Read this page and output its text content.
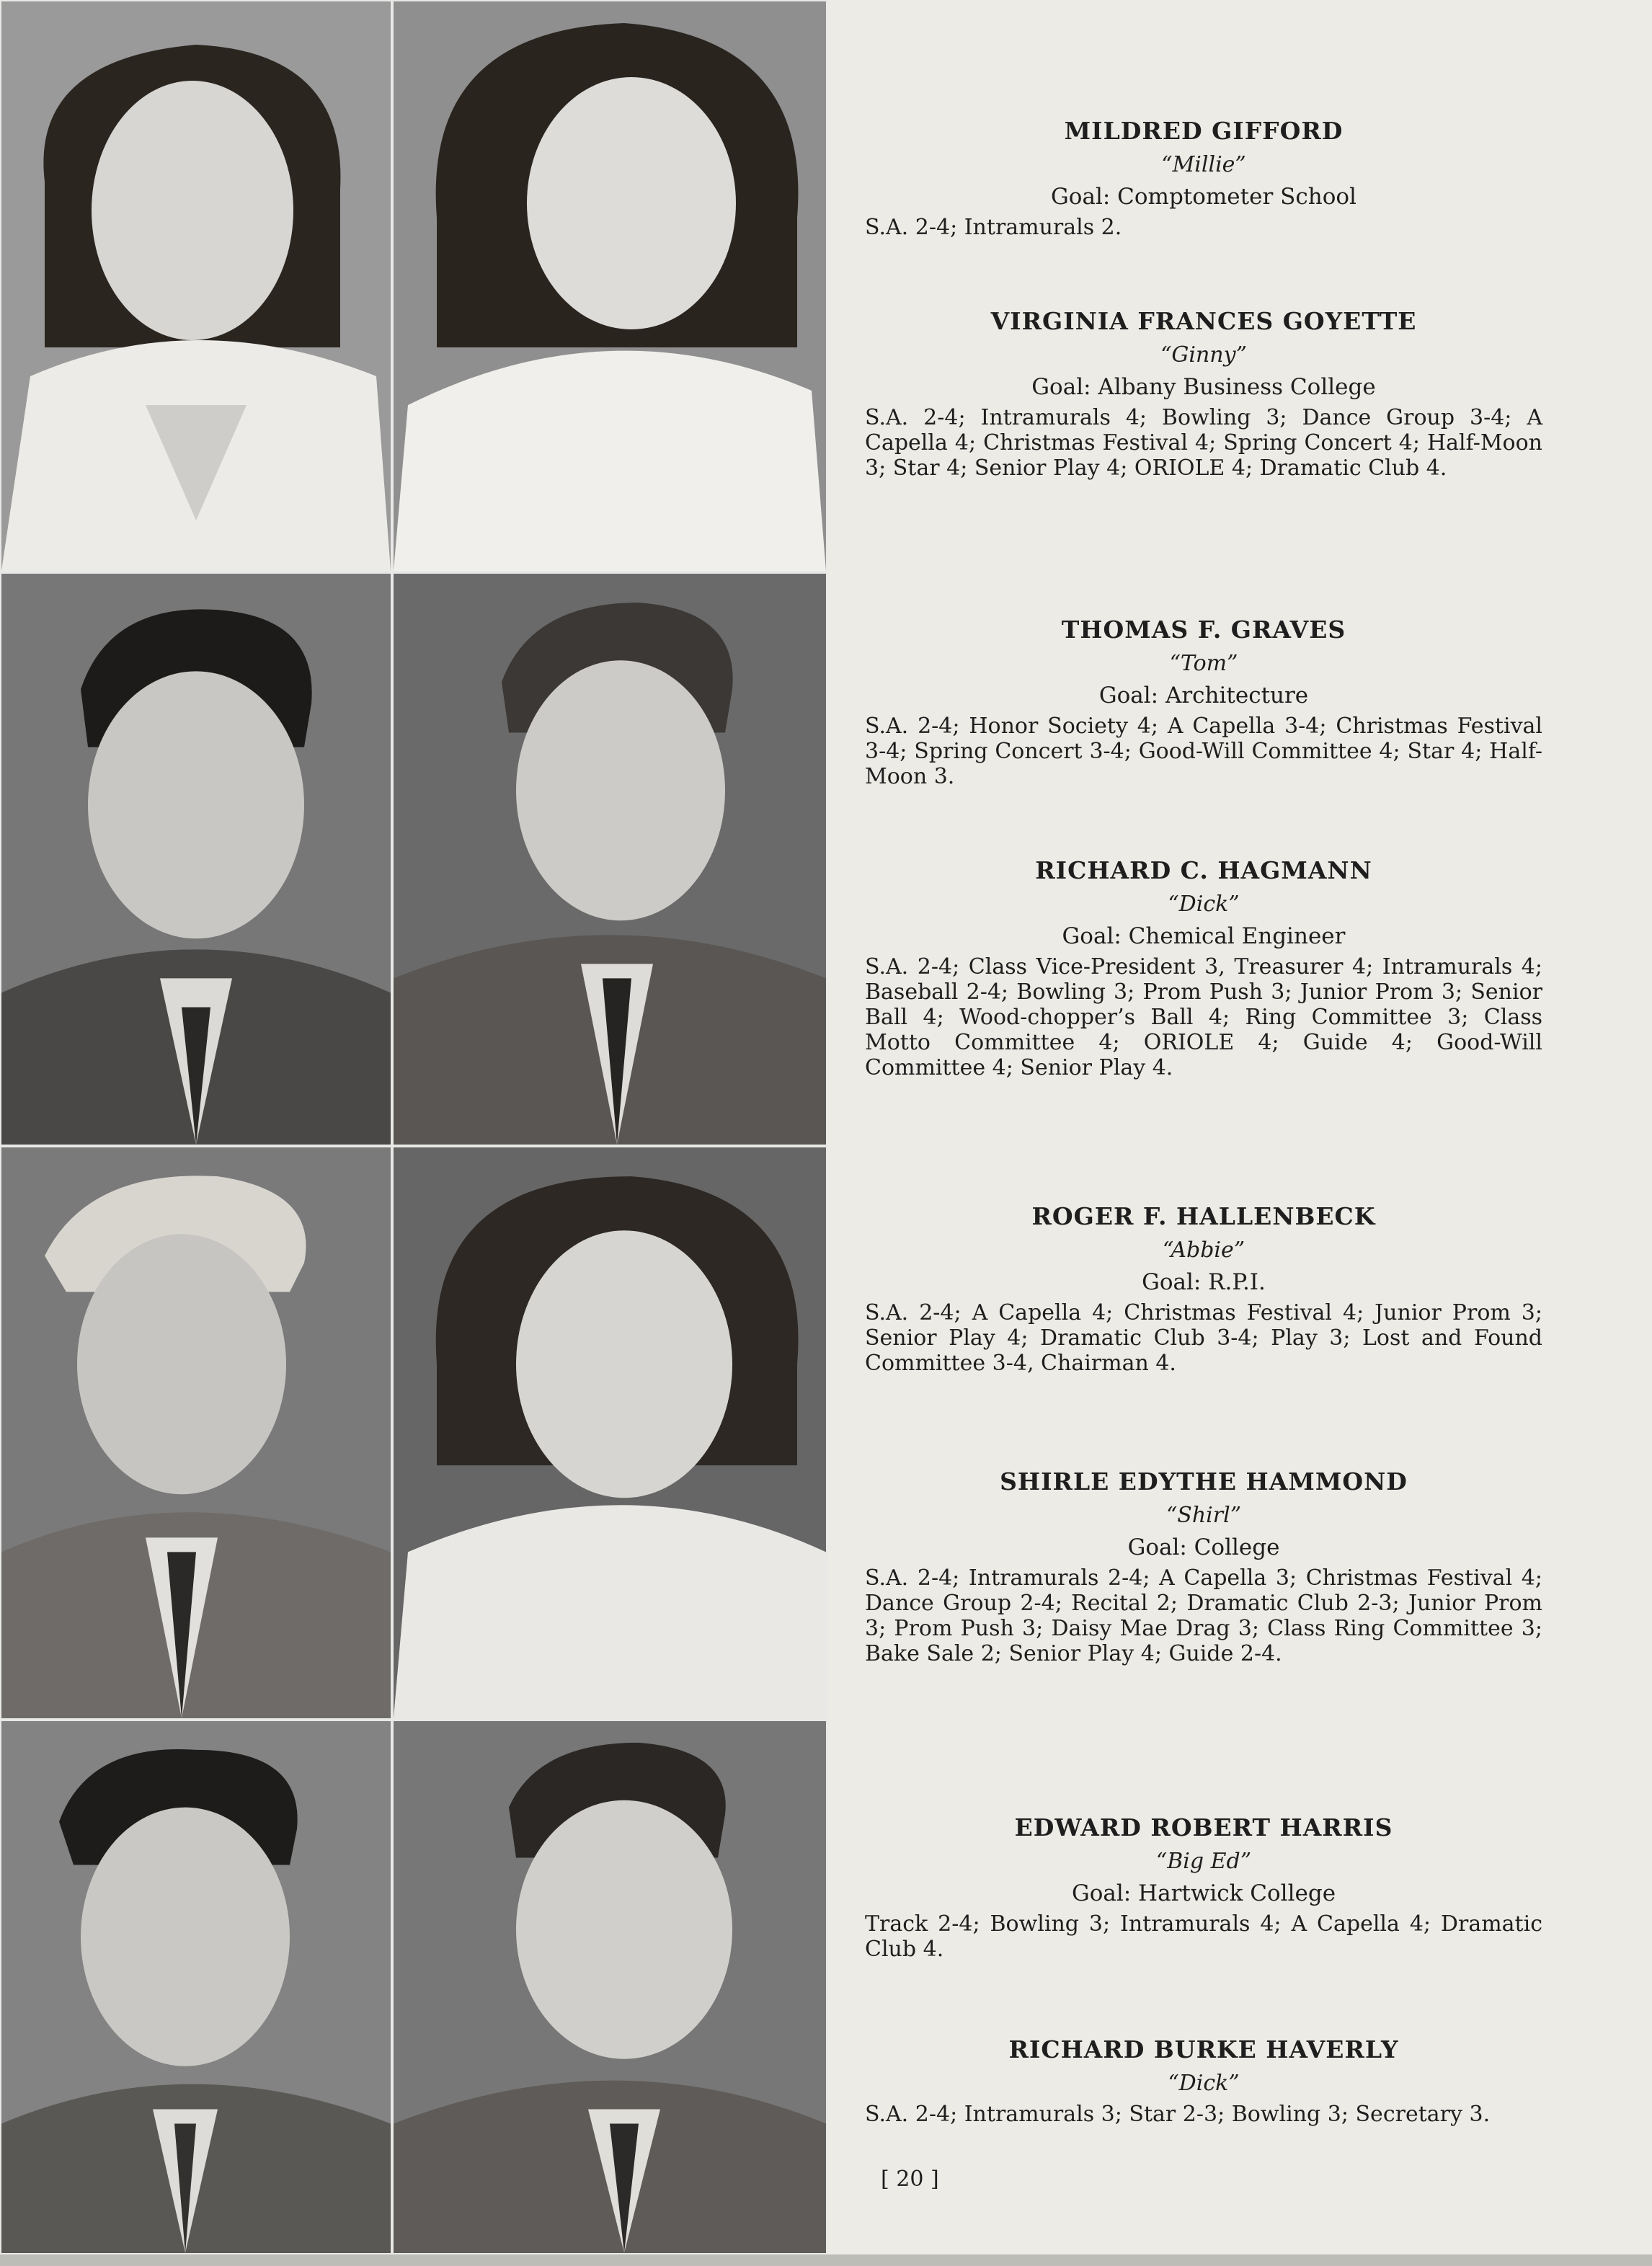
MILDRED GIFFORD

“Millie”

Goal: Comptometer School

S.A. 2-4; Intramurals 2.

VIRGINIA FRANCES GOYETTE

“Ginny”

Goal: Albany Business College

S.A. 2-4; Intramurals 4; Bowling 3; Dance Group 3-4; A Capella 4; Christmas Festival 4; Spring Concert 4; Half-Moon 3; Star 4; Senior Play 4; ORIOLE 4; Dramatic Club 4.

THOMAS F. GRAVES

“Tom”

Goal: Architecture

S.A. 2-4; Honor Society 4; A Capella 3-4; Christmas Festival 3-4; Spring Concert 3-4; Good-Will Committee 4; Star 4; Half-Moon 3.

RICHARD C. HAGMANN

“Dick”

Goal: Chemical Engineer

S.A. 2-4; Class Vice-President 3, Treasurer 4; Intramurals 4; Baseball 2-4; Bowling 3; Prom Push 3; Junior Prom 3; Senior Ball 4; Wood-chopper’s Ball 4; Ring Committee 3; Class Motto Committee 4; ORIOLE 4; Guide 4; Good-Will Committee 4; Senior Play 4.

ROGER F. HALLENBECK

“Abbie”

Goal: R.P.I.

S.A. 2-4; A Capella 4; Christmas Festival 4; Junior Prom 3; Senior Play 4; Dramatic Club 3-4; Play 3; Lost and Found Committee 3-4, Chairman 4.

SHIRLE EDYTHE HAMMOND

“Shirl”

Goal: College

S.A. 2-4; Intramurals 2-4; A Capella 3; Christmas Festival 4; Dance Group 2-4; Recital 2; Dramatic Club 2-3; Junior Prom 3; Prom Push 3; Daisy Mae Drag 3; Class Ring Committee 3; Bake Sale 2; Senior Play 4; Guide 2-4.

EDWARD ROBERT HARRIS

“Big Ed”

Goal: Hartwick College

Track 2-4; Bowling 3; Intramurals 4; A Capella 4; Dramatic Club 4.

RICHARD BURKE HAVERLY

“Dick”

S.A. 2-4; Intramurals 3; Star 2-3; Bowling 3; Secretary 3.

[ 20 ]
